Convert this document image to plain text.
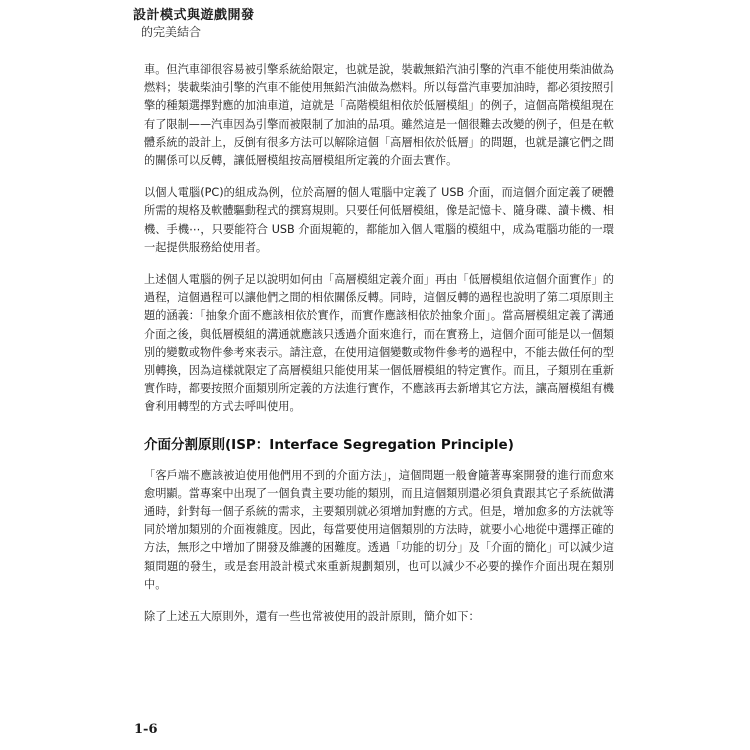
設計模式與遊戲開發
的完美結合

車。但汽車卻很容易被引擎系統給限定，也就是說，裝載無鉛汽油引擎的汽車不能使用柴油做為燃料；裝載柴油引擎的汽車不能使用無鉛汽油做為燃料。所以每當汽車要加油時，都必須按照引擎的種類選擇對應的加油車道，這就是「高階模組相依於低層模組」的例子，這個高階模組現在有了限制——汽車因為引擎而被限制了加油的品項。雖然這是一個很難去改變的例子，但是在軟體系統的設計上，反倒有很多方法可以解除這個「高層相依於低層」的問題，也就是讓它們之間的關係可以反轉，讓低層模組按高層模組所定義的介面去實作。

以個人電腦(PC)的組成為例，位於高層的個人電腦中定義了 USB 介面，而這個介面定義了硬體所需的規格及軟體驅動程式的撰寫規則。只要任何低層模組，像是記憶卡、隨身碟、讀卡機、相機、手機⋯，只要能符合 USB 介面規範的，都能加入個人電腦的模組中，成為電腦功能的一環一起提供服務給使用者。

上述個人電腦的例子足以說明如何由「高層模組定義介面」再由「低層模組依這個介面實作」的過程，這個過程可以讓他們之間的相依關係反轉。同時，這個反轉的過程也說明了第二項原則主題的涵義：「抽象介面不應該相依於實作，而實作應該相依於抽象介面」。當高層模組定義了溝通介面之後，與低層模組的溝通就應該只透過介面來進行，而在實務上，這個介面可能是以一個類別的變數或物件參考來表示。請注意，在使用這個變數或物件參考的過程中，不能去做任何的型別轉換，因為這樣就限定了高層模組只能使用某一個低層模組的特定實作。而且，子類別在重新實作時，都要按照介面類別所定義的方法進行實作，不應該再去新增其它方法，讓高層模組有機會利用轉型的方式去呼叫使用。

介面分割原則(ISP：Interface Segregation Principle)

「客戶端不應該被迫使用他們用不到的介面方法」，這個問題一般會隨著專案開發的進行而愈來愈明顯。當專案中出現了一個負責主要功能的類別，而且這個類別還必須負責跟其它子系統做溝通時，針對每一個子系統的需求，主要類別就必須增加對應的方式。但是，增加愈多的方法就等同於增加類別的介面複雜度。因此，每當要使用這個類別的方法時，就要小心地從中選擇正確的方法，無形之中增加了開發及維護的困難度。透過「功能的切分」及「介面的簡化」可以減少這類問題的發生，或是套用設計模式來重新規劃類別，也可以減少不必要的操作介面出現在類別中。

除了上述五大原則外，還有一些也常被使用的設計原則，簡介如下：

1-6
